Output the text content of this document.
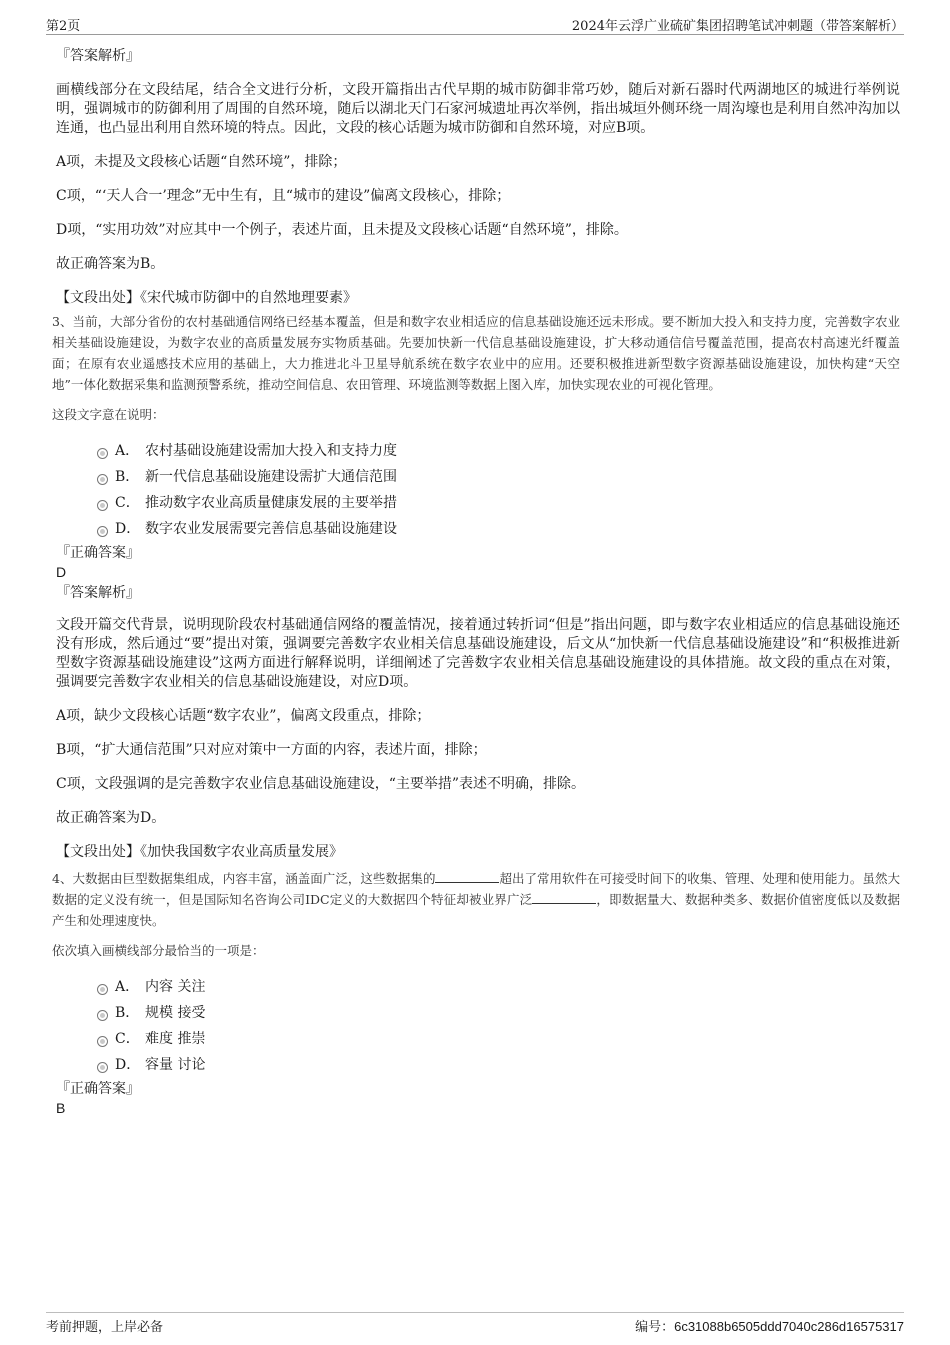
第2页	2024年云浮广业硫矿集团招聘笔试冲刺题（带答案解析）

『答案解析』

画横线部分在文段结尾，结合全文进行分析，文段开篇指出古代早期的城市防御非常巧妙，随后对新石器时代两湖地区的城进行举例说明，强调城市的防御利用了周围的自然环境，随后以湖北天门石家河城遗址再次举例，指出城垣外侧环绕一周沟壕也是利用自然冲沟加以连通，也凸显出利用自然环境的特点。因此，文段的核心话题为城市防御和自然环境，对应B项。

A项，未提及文段核心话题“自然环境”，排除；

C项，“‘天人合一’理念”无中生有，且“城市的建设”偏离文段核心，排除；

D项，“实用功效”对应其中一个例子，表述片面，且未提及文段核心话题“自然环境”，排除。

故正确答案为B。

【文段出处】《宋代城市防御中的自然地理要素》

3、当前，大部分省份的农村基础通信网络已经基本覆盖，但是和数字农业相适应的信息基础设施还远未形成。要不断加大投入和支持力度，完善数字农业相关基础设施建设，为数字农业的高质量发展夯实物质基础。先要加快新一代信息基础设施建设，扩大移动通信信号覆盖范围，提高农村高速光纤覆盖面；在原有农业遥感技术应用的基础上，大力推进北斗卫星导航系统在数字农业中的应用。还要积极推进新型数字资源基础设施建设，加快构建“天空地”一体化数据采集和监测预警系统，推动空间信息、农田管理、环境监测等数据上图入库，加快实现农业的可视化管理。

这段文字意在说明：

A． 农村基础设施建设需加大投入和支持力度
B． 新一代信息基础设施建设需扩大通信范围
C． 推动数字农业高质量健康发展的主要举措
D． 数字农业发展需要完善信息基础设施建设

『正确答案』

D

『答案解析』

文段开篇交代背景，说明现阶段农村基础通信网络的覆盖情况，接着通过转折词“但是”指出问题，即与数字农业相适应的信息基础设施还没有形成，然后通过“要”提出对策，强调要完善数字农业相关信息基础设施建设，后文从“加快新一代信息基础设施建设”和“积极推进新型数字资源基础设施建设”这两方面进行解释说明，详细阐述了完善数字农业相关信息基础设施建设的具体措施。故文段的重点在对策，强调要完善数字农业相关的信息基础设施建设，对应D项。

A项，缺少文段核心话题“数字农业”，偏离文段重点，排除；

B项，“扩大通信范围”只对应对策中一方面的内容，表述片面，排除；

C项，文段强调的是完善数字农业信息基础设施建设，“主要举措”表述不明确，排除。

故正确答案为D。

【文段出处】《加快我国数字农业高质量发展》

4、大数据由巨型数据集组成，内容丰富，涵盖面广泛，这些数据集的	超出了常用软件在可接受时间下的收集、管理、处理和使用能力。虽然大数据的定义没有统一，但是国际知名咨询公司IDC定义的大数据四个特征却被业界广泛	，即数据量大、数据种类多、数据价值密度低以及数据产生和处理速度快。

依次填入画横线部分最恰当的一项是：

A． 内容 关注
B． 规模 接受
C． 难度 推崇
D． 容量 讨论

『正确答案』

B

考前押题，上岸必备	编号：6c31088b6505ddd7040c286d16575317
